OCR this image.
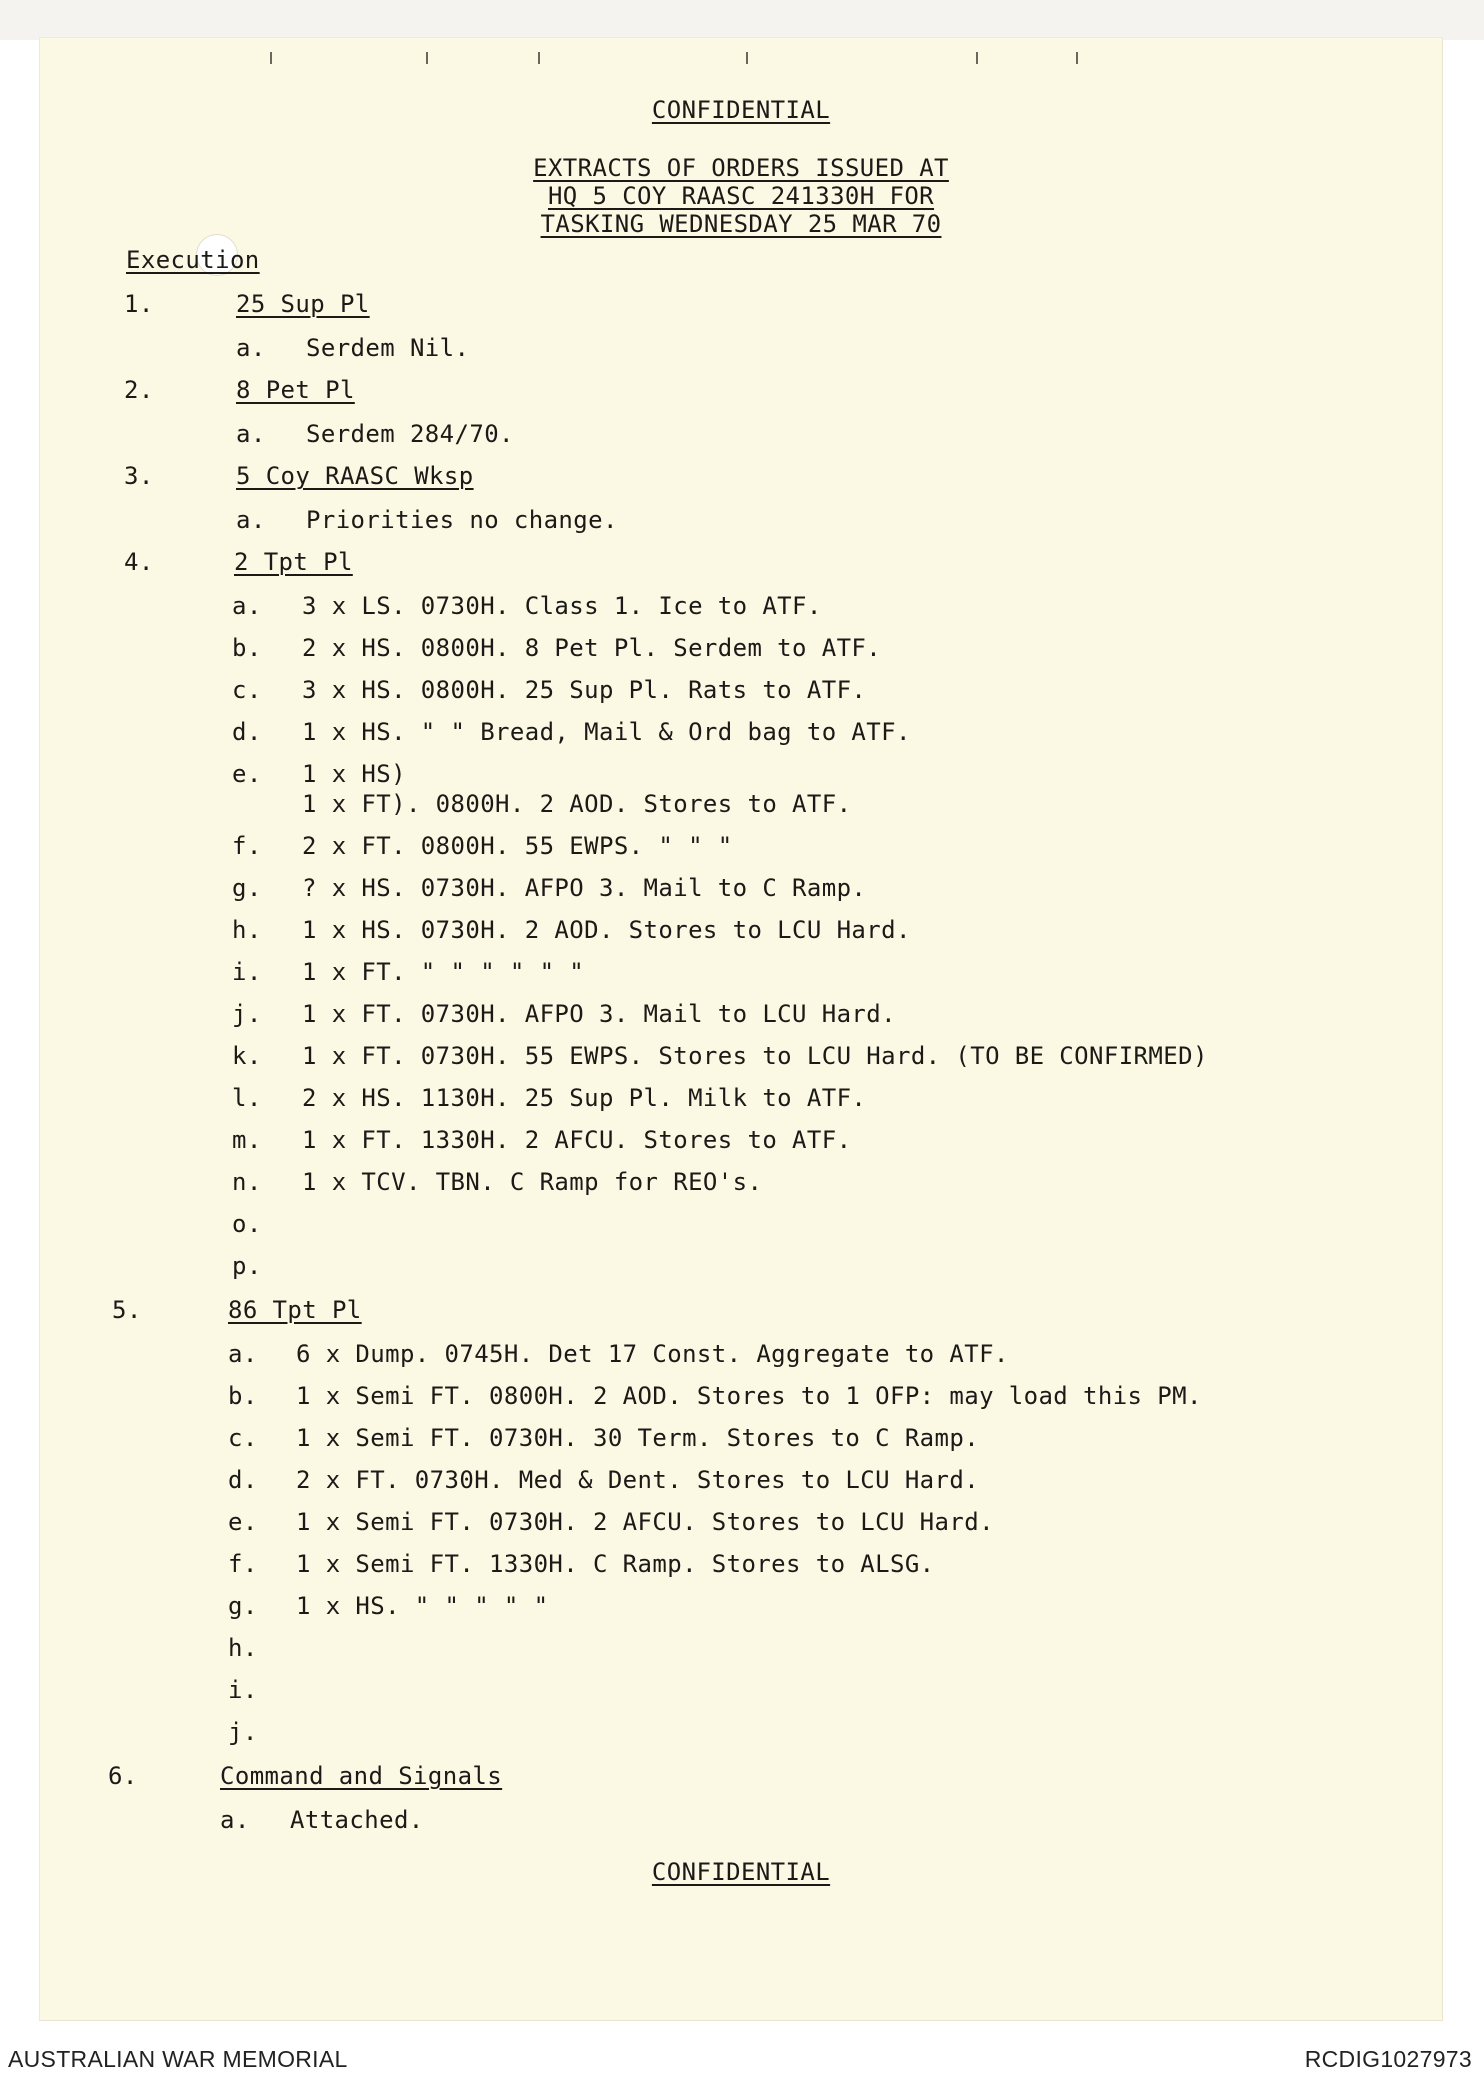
CONFIDENTIAL
EXTRACTS OF ORDERS ISSUED AT
HQ 5 COY RAASC 241330H FOR
TASKING WEDNESDAY 25 MAR 70
Execution
1.	25 Sup Pl
a. Serdem Nil.
2.	8 Pet Pl
a. Serdem 284/70.
3.	5 Coy RAASC Wksp
a. Priorities no change.
4.	2 Tpt Pl
a. 3 x LS. 0730H. Class 1. Ice to ATF.
b. 2 x HS. 0800H. 8 Pet Pl. Serdem to ATF.
c. 3 x HS. 0800H. 25 Sup Pl. Rats to ATF.
d. 1 x HS. " " Bread, Mail & Ord bag to ATF.
e. 1 x HS)
1 x FT). 0800H. 2 AOD. Stores to ATF.
f. 2 x FT. 0800H. 55 EWPS. " " "
g. ? x HS. 0730H. AFPO 3. Mail to C Ramp.
h. 1 x HS. 0730H. 2 AOD. Stores to LCU Hard.
i. 1 x FT. " " " " " "
j. 1 x FT. 0730H. AFPO 3. Mail to LCU Hard.
k. 1 x FT. 0730H. 55 EWPS. Stores to LCU Hard. (TO BE CONFIRMED)
l. 2 x HS. 1130H. 25 Sup Pl. Milk to ATF.
m. 1 x FT. 1330H. 2 AFCU. Stores to ATF.
n. 1 x TCV. TBN. C Ramp for REO's.
o.
p.
5.	86 Tpt Pl
a. 6 x Dump. 0745H. Det 17 Const. Aggregate to ATF.
b. 1 x Semi FT. 0800H. 2 AOD. Stores to 1 OFP: may load this PM.
c. 1 x Semi FT. 0730H. 30 Term. Stores to C Ramp.
d. 2 x FT. 0730H. Med & Dent. Stores to LCU Hard.
e. 1 x Semi FT. 0730H. 2 AFCU. Stores to LCU Hard.
f. 1 x Semi FT. 1330H. C Ramp. Stores to ALSG.
g. 1 x HS. " " " " "
h.
i.
j.
6.	Command and Signals
a. Attached.
CONFIDENTIAL
AUSTRALIAN WAR MEMORIAL	RCDIG1027973
